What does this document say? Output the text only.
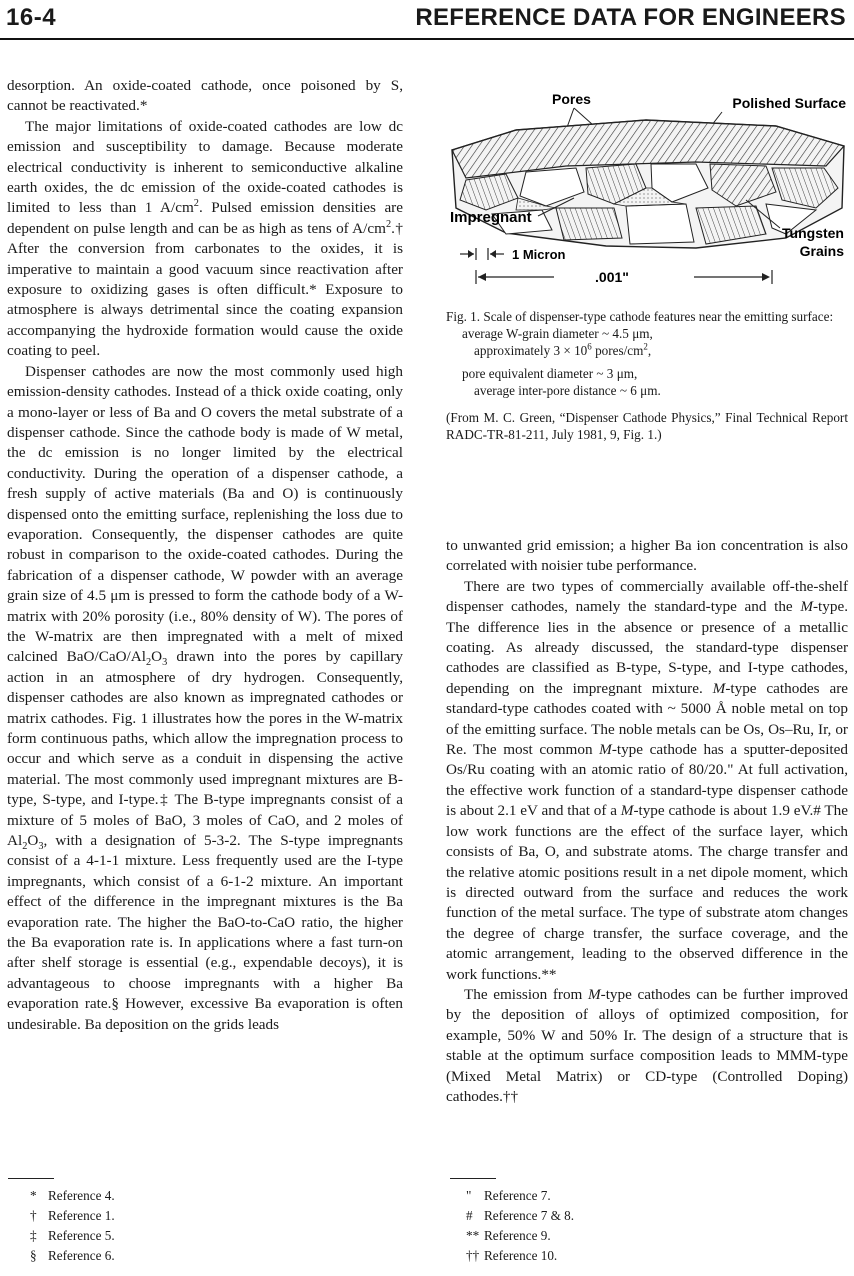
16-4	REFERENCE DATA FOR ENGINEERS

desorption. An oxide-coated cathode, once poisoned by S, cannot be reactivated.*

The major limitations of oxide-coated cathodes are low dc emission and susceptibility to damage. Because moderate electrical conductivity is inherent to semiconductive alkaline earth oxides, the dc emission of the oxide-coated cathodes is limited to less than 1 $A/cm^2$. Pulsed emission densities are dependent on pulse length and can be as high as tens of $A/cm^2.\dagger$ After the conversion from carbonates to the oxides, it is imperative to maintain a good vacuum since reactivation after exposure to oxidizing gases is often difficult.* Exposure to atmosphere is always detrimental since the coating expansion accompanying the hydroxide formation would cause the oxide coating to peel.

Dispenser cathodes are now the most commonly used high emission-density cathodes. Instead of a thick oxide coating, only a mono-layer or less of Ba and O covers the metal substrate of a dispenser cathode. Since the cathode body is made of W metal, the dc emission is no longer limited by the electrical conductivity. During the operation of a dispenser cathode, a fresh supply of active materials (Ba and O) is continuously dispensed onto the emitting surface, replenishing the loss due to evaporation. Consequently, the dispenser cathodes are quite robust in comparison to the oxide-coated cathodes. During the fabrication of a dispenser cathode, W powder with an average grain size of 4.5 μm is pressed to form the cathode body of a W-matrix with 20% porosity (i.e., 80% density of W). The pores of the W-matrix are then impregnated with a melt of mixed calcined BaO/$CaO/Al_2O_3$ drawn into the pores by capillary action in an atmosphere of dry hydrogen. Consequently, dispenser cathodes are also known as impregnated cathodes or matrix cathodes. Fig. 1 illustrates how the pores in the W-matrix form continuous paths, which allow the impregnation process to occur and which serve as a conduit in dispensing the active material. The most commonly used impregnant mixtures are B-type, S-type, and I-type.‡ The B-type impregnants consist of a mixture of 5 moles of BaO, 3 moles of CaO, and 2 moles of $Al_2O_3$, with a designation of 5-3-2. The S-type impregnants consist of a 4-1-1 mixture. Less frequently used are the I-type impregnants, which consist of a 6-1-2 mixture. An important effect of the difference in the impregnant mixtures is the Ba evaporation rate. The higher the BaO-to-CaO ratio, the higher the Ba evaporation rate is. In applications where a fast turn-on after shelf storage is essential (e.g., expendable decoys), it is advantageous to choose impregnants with a higher Ba evaporation rate.§ However, excessive Ba evaporation is often undesirable. Ba deposition on the grids leads

Pores	Polished Surface
Impregnant
Tungsten
Grains
1 Micron
.001"
Fig. 1. Scale of dispenser-type cathode features near the emitting surface:
average W-grain diameter ~ 4.5 μm,
approximately $3 \times 10^6$ pores/$cm^2$,
pore equivalent diameter ~ 3 μm,
average inter-pore distance ~ 6 μm.
(From M. C. Green, “Dispenser Cathode Physics,” Final Technical Report RADC-TR-81-211, July 1981, 9, Fig. 1.)

to unwanted grid emission; a higher Ba ion concentration is also correlated with noisier tube performance.

There are two types of commercially available off-the-shelf dispenser cathodes, namely the standard-type and the M-type. The difference lies in the absence or presence of a metallic coating. As already discussed, the standard-type dispenser cathodes are classified as B-type, S-type, and I-type cathodes, depending on the impregnant mixture. M-type cathodes are standard-type cathodes coated with ~ 5000 Å noble metal on top of the emitting surface. The noble metals can be Os, Os–Ru, Ir, or Re. The most common M-type cathode has a sputter-deposited Os/Ru coating with an atomic ratio of 80/20." At full activation, the effective work function of a standard-type dispenser cathode is about 2.1 eV and that of a M-type cathode is about 1.9 eV.# The low work functions are the effect of the surface layer, which consists of Ba, O, and substrate atoms. The charge transfer and the relative atomic positions result in a net dipole moment, which is directed outward from the surface and reduces the work function of the metal surface. The type of substrate atom changes the degree of charge transfer, the surface coverage, and the atomic arrangement, leading to the observed difference in the work functions.**

The emission from M-type cathodes can be further improved by the deposition of alloys of optimized composition, for example, 50% W and 50% Ir. The design of a structure that is stable at the optimum surface composition leads to MMM-type (Mixed Metal Matrix) or CD-type (Controlled Doping) cathodes.††

* Reference 4.
† Reference 1.
‡ Reference 5.
§ Reference 6.
" Reference 7.
# Reference 7 & 8.
** Reference 9.
†† Reference 10.
